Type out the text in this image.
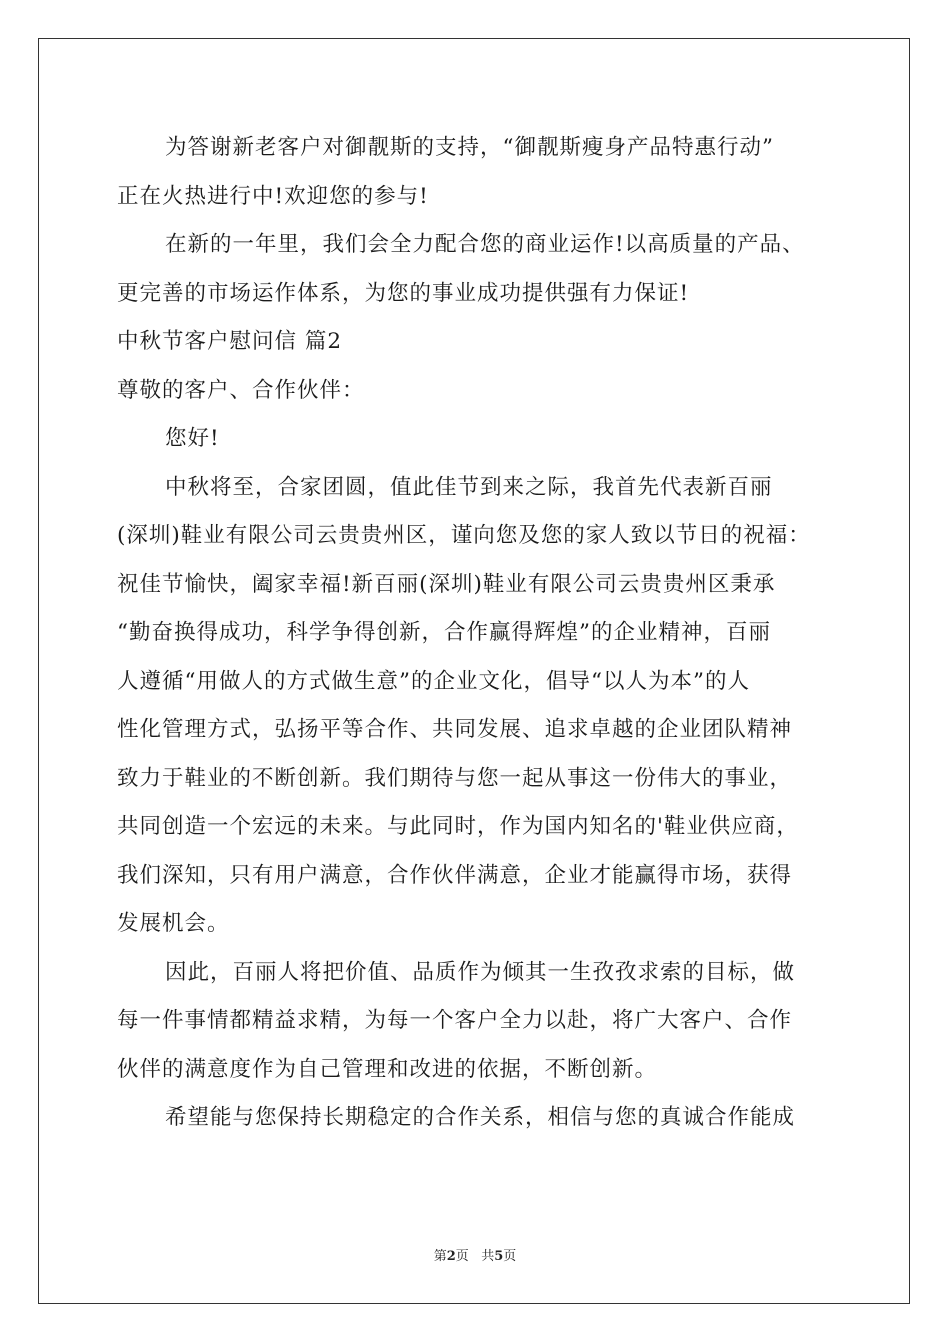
为答谢新老客户对御靓斯的支持，“御靓斯瘦身产品特惠行动”
正在火热进行中!欢迎您的参与!
在新的一年里，我们会全力配合您的商业运作!以高质量的产品、
更完善的市场运作体系，为您的事业成功提供强有力保证!
中秋节客户慰问信 篇2
尊敬的客户、合作伙伴：
您好!
中秋将至，合家团圆，值此佳节到来之际，我首先代表新百丽
(深圳)鞋业有限公司云贵贵州区，谨向您及您的家人致以节日的祝福：
祝佳节愉快，阖家幸福!新百丽(深圳)鞋业有限公司云贵贵州区秉承
“勤奋换得成功，科学争得创新，合作赢得辉煌”的企业精神，百丽
人遵循“用做人的方式做生意”的企业文化，倡导“以人为本”的人
性化管理方式，弘扬平等合作、共同发展、追求卓越的企业团队精神
致力于鞋业的不断创新。我们期待与您一起从事这一份伟大的事业，
共同创造一个宏远的未来。与此同时，作为国内知名的'鞋业供应商，
我们深知，只有用户满意，合作伙伴满意，企业才能赢得市场，获得
发展机会。
因此，百丽人将把价值、品质作为倾其一生孜孜求索的目标，做
每一件事情都精益求精，为每一个客户全力以赴，将广大客户、合作
伙伴的满意度作为自己管理和改进的依据，不断创新。
希望能与您保持长期稳定的合作关系，相信与您的真诚合作能成
第2页 共5页
